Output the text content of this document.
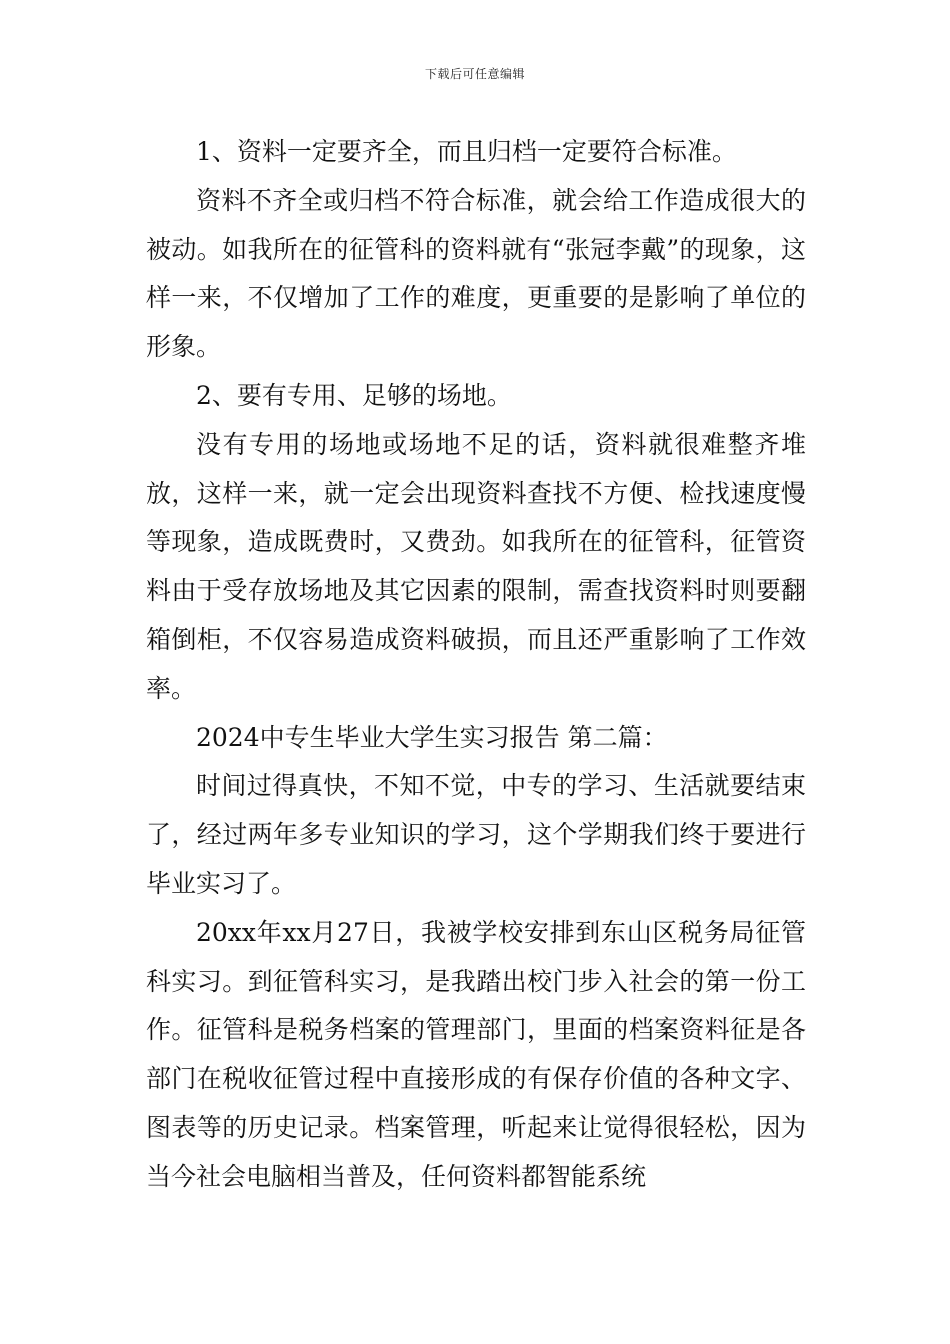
下载后可任意编辑

1、资料一定要齐全，而且归档一定要符合标准。

资料不齐全或归档不符合标准，就会给工作造成很大的被动。如我所在的征管科的资料就有“张冠李戴”的现象，这样一来，不仅增加了工作的难度，更重要的是影响了单位的形象。

2、要有专用、足够的场地。

没有专用的场地或场地不足的话，资料就很难整齐堆放，这样一来，就一定会出现资料查找不方便、检找速度慢等现象，造成既费时，又费劲。如我所在的征管科，征管资料由于受存放场地及其它因素的限制，需查找资料时则要翻箱倒柜，不仅容易造成资料破损，而且还严重影响了工作效率。

2024中专生毕业大学生实习报告 第二篇：

时间过得真快，不知不觉，中专的学习、生活就要结束了，经过两年多专业知识的学习，这个学期我们终于要进行毕业实习了。

20xx年xx月27日，我被学校安排到东山区税务局征管科实习。到征管科实习，是我踏出校门步入社会的第一份工作。征管科是税务档案的管理部门，里面的档案资料征是各部门在税收征管过程中直接形成的有保存价值的各种文字、图表等的历史记录。档案管理，听起来让觉得很轻松，因为当今社会电脑相当普及，任何资料都智能系统
